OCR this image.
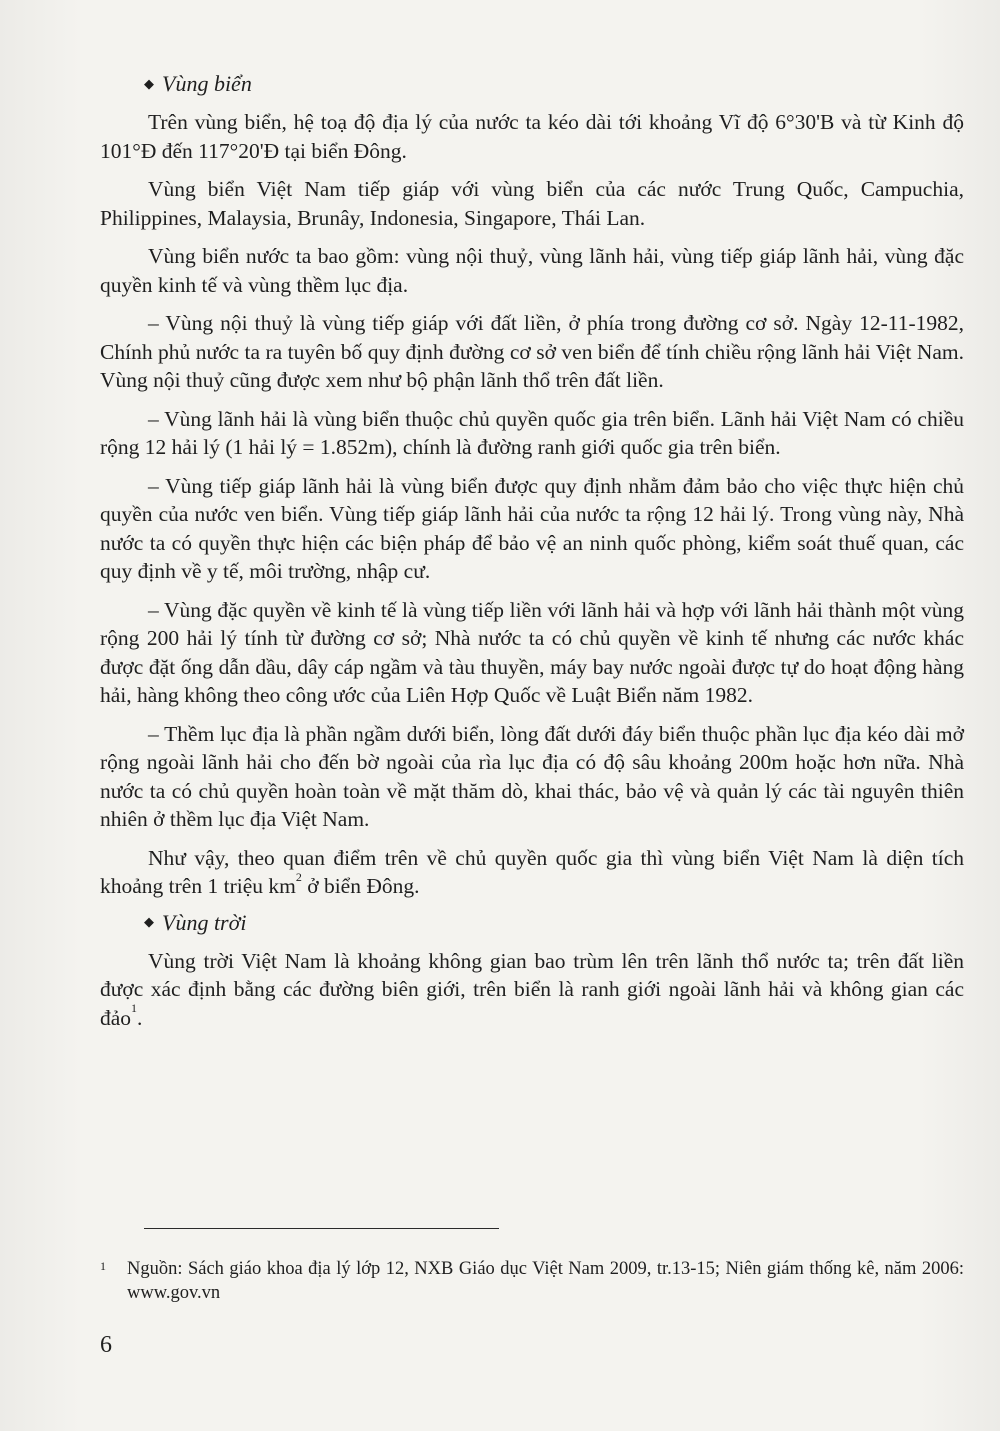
◆ Vùng biển

Trên vùng biển, hệ toạ độ địa lý của nước ta kéo dài tới khoảng Vĩ độ 6°30'B và từ Kinh độ 101°Đ đến 117°20'Đ tại biển Đông.

Vùng biển Việt Nam tiếp giáp với vùng biển của các nước Trung Quốc, Campuchia, Philippines, Malaysia, Brunây, Indonesia, Singapore, Thái Lan.

Vùng biển nước ta bao gồm: vùng nội thuỷ, vùng lãnh hải, vùng tiếp giáp lãnh hải, vùng đặc quyền kinh tế và vùng thềm lục địa.

– Vùng nội thuỷ là vùng tiếp giáp với đất liền, ở phía trong đường cơ sở. Ngày 12-11-1982, Chính phủ nước ta ra tuyên bố quy định đường cơ sở ven biển để tính chiều rộng lãnh hải Việt Nam. Vùng nội thuỷ cũng được xem như bộ phận lãnh thổ trên đất liền.

– Vùng lãnh hải là vùng biển thuộc chủ quyền quốc gia trên biển. Lãnh hải Việt Nam có chiều rộng 12 hải lý (1 hải lý = 1.852m), chính là đường ranh giới quốc gia trên biển.

– Vùng tiếp giáp lãnh hải là vùng biển được quy định nhằm đảm bảo cho việc thực hiện chủ quyền của nước ven biển. Vùng tiếp giáp lãnh hải của nước ta rộng 12 hải lý. Trong vùng này, Nhà nước ta có quyền thực hiện các biện pháp để bảo vệ an ninh quốc phòng, kiểm soát thuế quan, các quy định về y tế, môi trường, nhập cư.

– Vùng đặc quyền về kinh tế là vùng tiếp liền với lãnh hải và hợp với lãnh hải thành một vùng rộng 200 hải lý tính từ đường cơ sở; Nhà nước ta có chủ quyền về kinh tế nhưng các nước khác được đặt ống dẫn dầu, dây cáp ngầm và tàu thuyền, máy bay nước ngoài được tự do hoạt động hàng hải, hàng không theo công ước của Liên Hợp Quốc về Luật Biển năm 1982.

– Thềm lục địa là phần ngầm dưới biển, lòng đất dưới đáy biển thuộc phần lục địa kéo dài mở rộng ngoài lãnh hải cho đến bờ ngoài của rìa lục địa có độ sâu khoảng 200m hoặc hơn nữa. Nhà nước ta có chủ quyền hoàn toàn về mặt thăm dò, khai thác, bảo vệ và quản lý các tài nguyên thiên nhiên ở thềm lục địa Việt Nam.

Như vậy, theo quan điểm trên về chủ quyền quốc gia thì vùng biển Việt Nam là diện tích khoảng trên 1 triệu $km^2$ ở biển Đông.

◆ Vùng trời

Vùng trời Việt Nam là khoảng không gian bao trùm lên trên lãnh thổ nước ta; trên đất liền được xác định bằng các đường biên giới, trên biển là ranh giới ngoài lãnh hải và không gian các đảo$^1$.

1	Nguồn: Sách giáo khoa địa lý lớp 12, NXB Giáo dục Việt Nam 2009, tr.13-15; Niên giám thống kê, năm 2006: www.gov.vn
6
